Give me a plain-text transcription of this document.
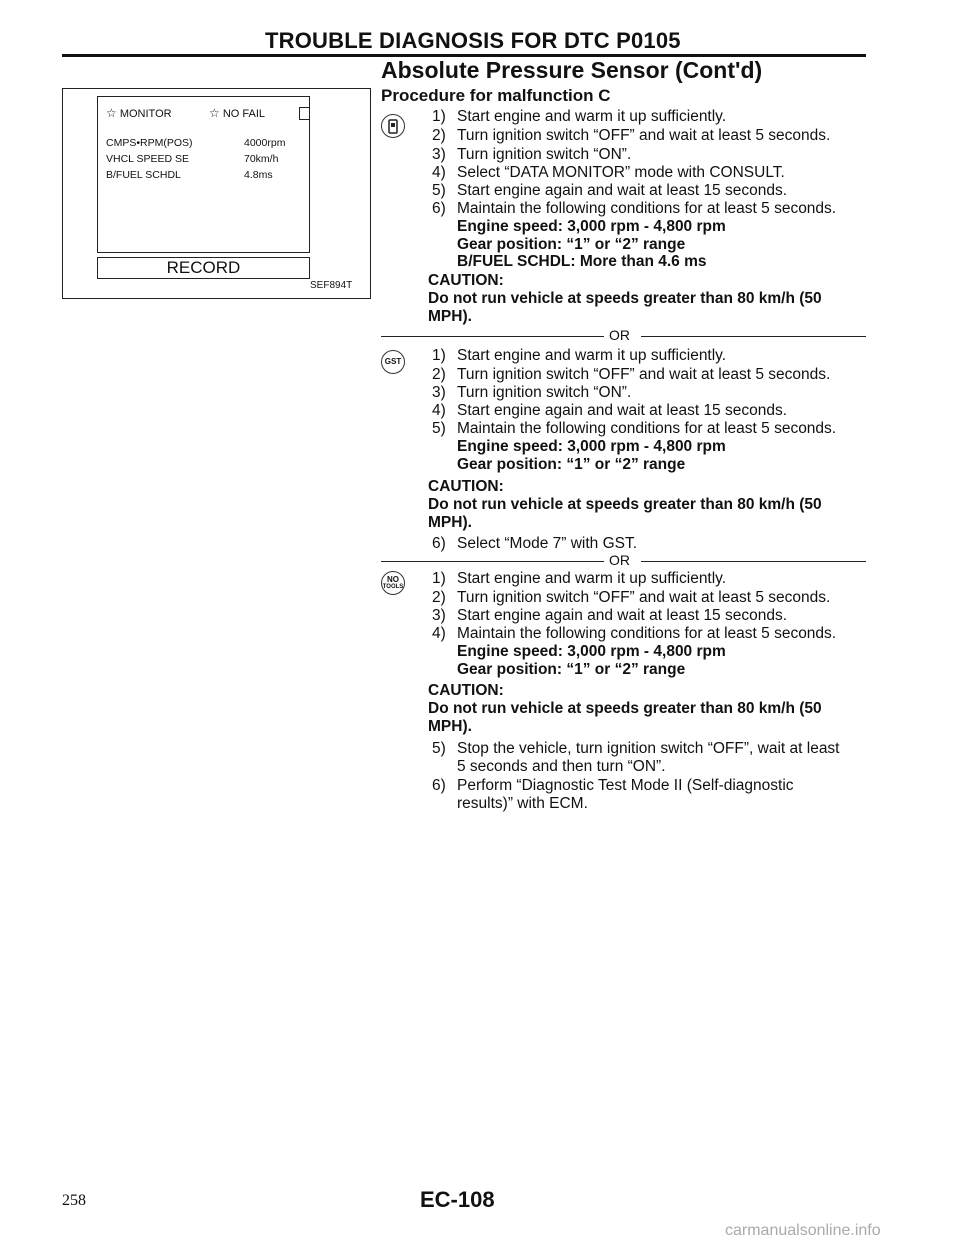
TROUBLE DIAGNOSIS FOR DTC P0105
Absolute Pressure Sensor (Cont'd)
Procedure for malfunction C
☆ MONITOR	☆ NO FAIL
CMPS•RPM(POS)	4000rpm
VHCL SPEED SE	70km/h
B/FUEL SCHDL	4.8ms
RECORD
SEF894T
1) Start engine and warm it up sufficiently.
2) Turn ignition switch “OFF” and wait at least 5 seconds.
3) Turn ignition switch “ON”.
4) Select “DATA MONITOR” mode with CONSULT.
5) Start engine again and wait at least 15 seconds.
6) Maintain the following conditions for at least 5 seconds.
Engine speed: 3,000 rpm - 4,800 rpm
Gear position: “1” or “2” range
B/FUEL SCHDL: More than 4.6 ms
CAUTION:
Do not run vehicle at speeds greater than 80 km/h (50
MPH).
OR
GST 1) Start engine and warm it up sufficiently.
2) Turn ignition switch “OFF” and wait at least 5 seconds.
3) Turn ignition switch “ON”.
4) Start engine again and wait at least 15 seconds.
5) Maintain the following conditions for at least 5 seconds.
Engine speed: 3,000 rpm - 4,800 rpm
Gear position: “1” or “2” range
CAUTION:
Do not run vehicle at speeds greater than 80 km/h (50
MPH).
6) Select “Mode 7” with GST.
OR
NO
TOOLS 1) Start engine and warm it up sufficiently.
2) Turn ignition switch “OFF” and wait at least 5 seconds.
3) Start engine again and wait at least 15 seconds.
4) Maintain the following conditions for at least 5 seconds.
Engine speed: 3,000 rpm - 4,800 rpm
Gear position: “1” or “2” range
CAUTION:
Do not run vehicle at speeds greater than 80 km/h (50
MPH).
5) Stop the vehicle, turn ignition switch “OFF”, wait at least
5 seconds and then turn “ON”.
6) Perform “Diagnostic Test Mode II (Self-diagnostic
results)” with ECM.
258	EC-108
carmanualsonline.info
